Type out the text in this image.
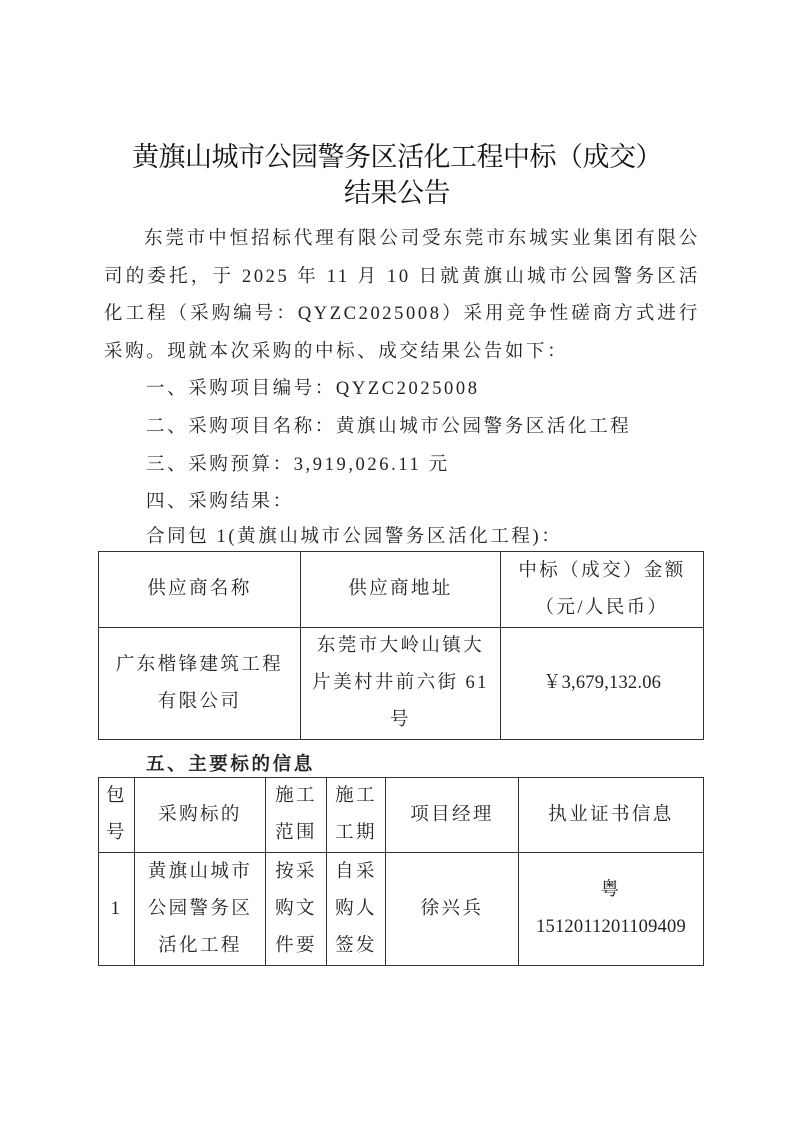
黄旗山城市公园警务区活化工程中标（成交）
结果公告
东莞市中恒招标代理有限公司受东莞市东城实业集团有限公司的委托，于 2025 年 11 月 10 日就黄旗山城市公园警务区活化工程（采购编号：QYZC2025008）采用竞争性磋商方式进行采购。现就本次采购的中标、成交结果公告如下：
一、采购项目编号：QYZC2025008
二、采购项目名称：黄旗山城市公园警务区活化工程
三、采购预算：3,919,026.11 元
四、采购结果：
合同包 1(黄旗山城市公园警务区活化工程)：
供应商名称	供应商地址	中标（成交）金额（元/人民币）
广东楷锋建筑工程有限公司	东莞市大岭山镇大片美村井前六街 61 号	￥3,679,132.06
五、主要标的信息
包号	采购标的	施工范围	施工工期	项目经理	执业证书信息
1	黄旗山城市公园警务区活化工程	按采购文件要	自采购人签发	徐兴兵	粤
1512011201109409
